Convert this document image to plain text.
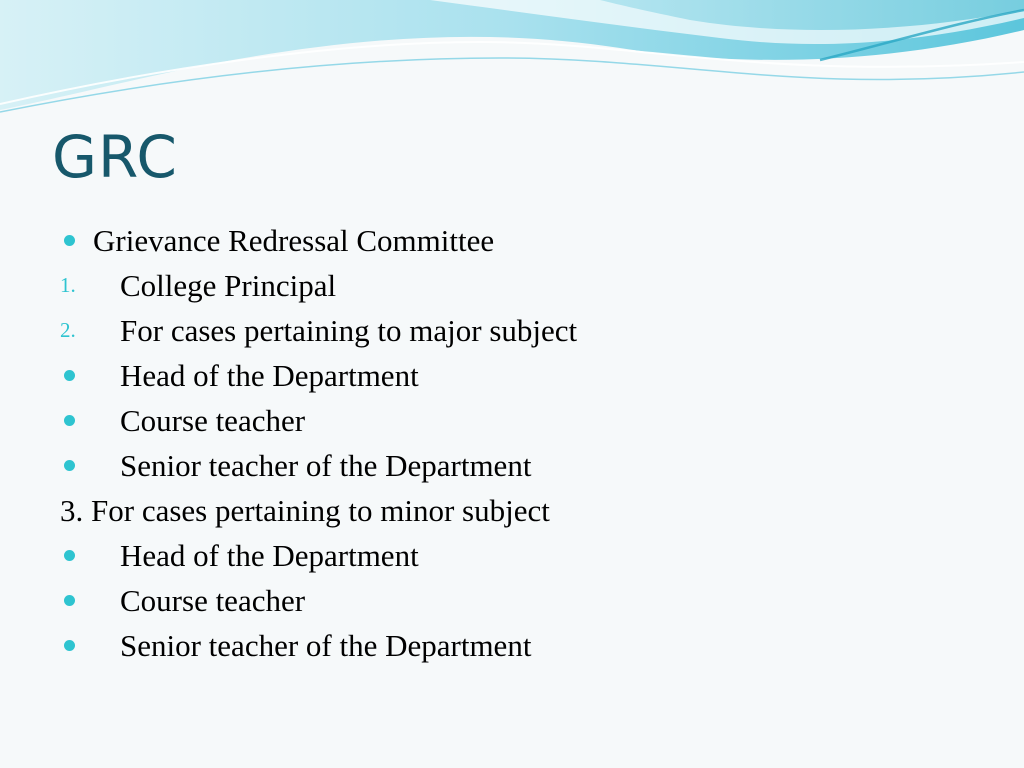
GRC
Grievance Redressal Committee
1. College Principal
2. For cases pertaining to major subject
Head of the Department
Course teacher
Senior teacher of the Department
3. For cases pertaining to minor subject
Head of the Department
Course teacher
Senior teacher of the Department
